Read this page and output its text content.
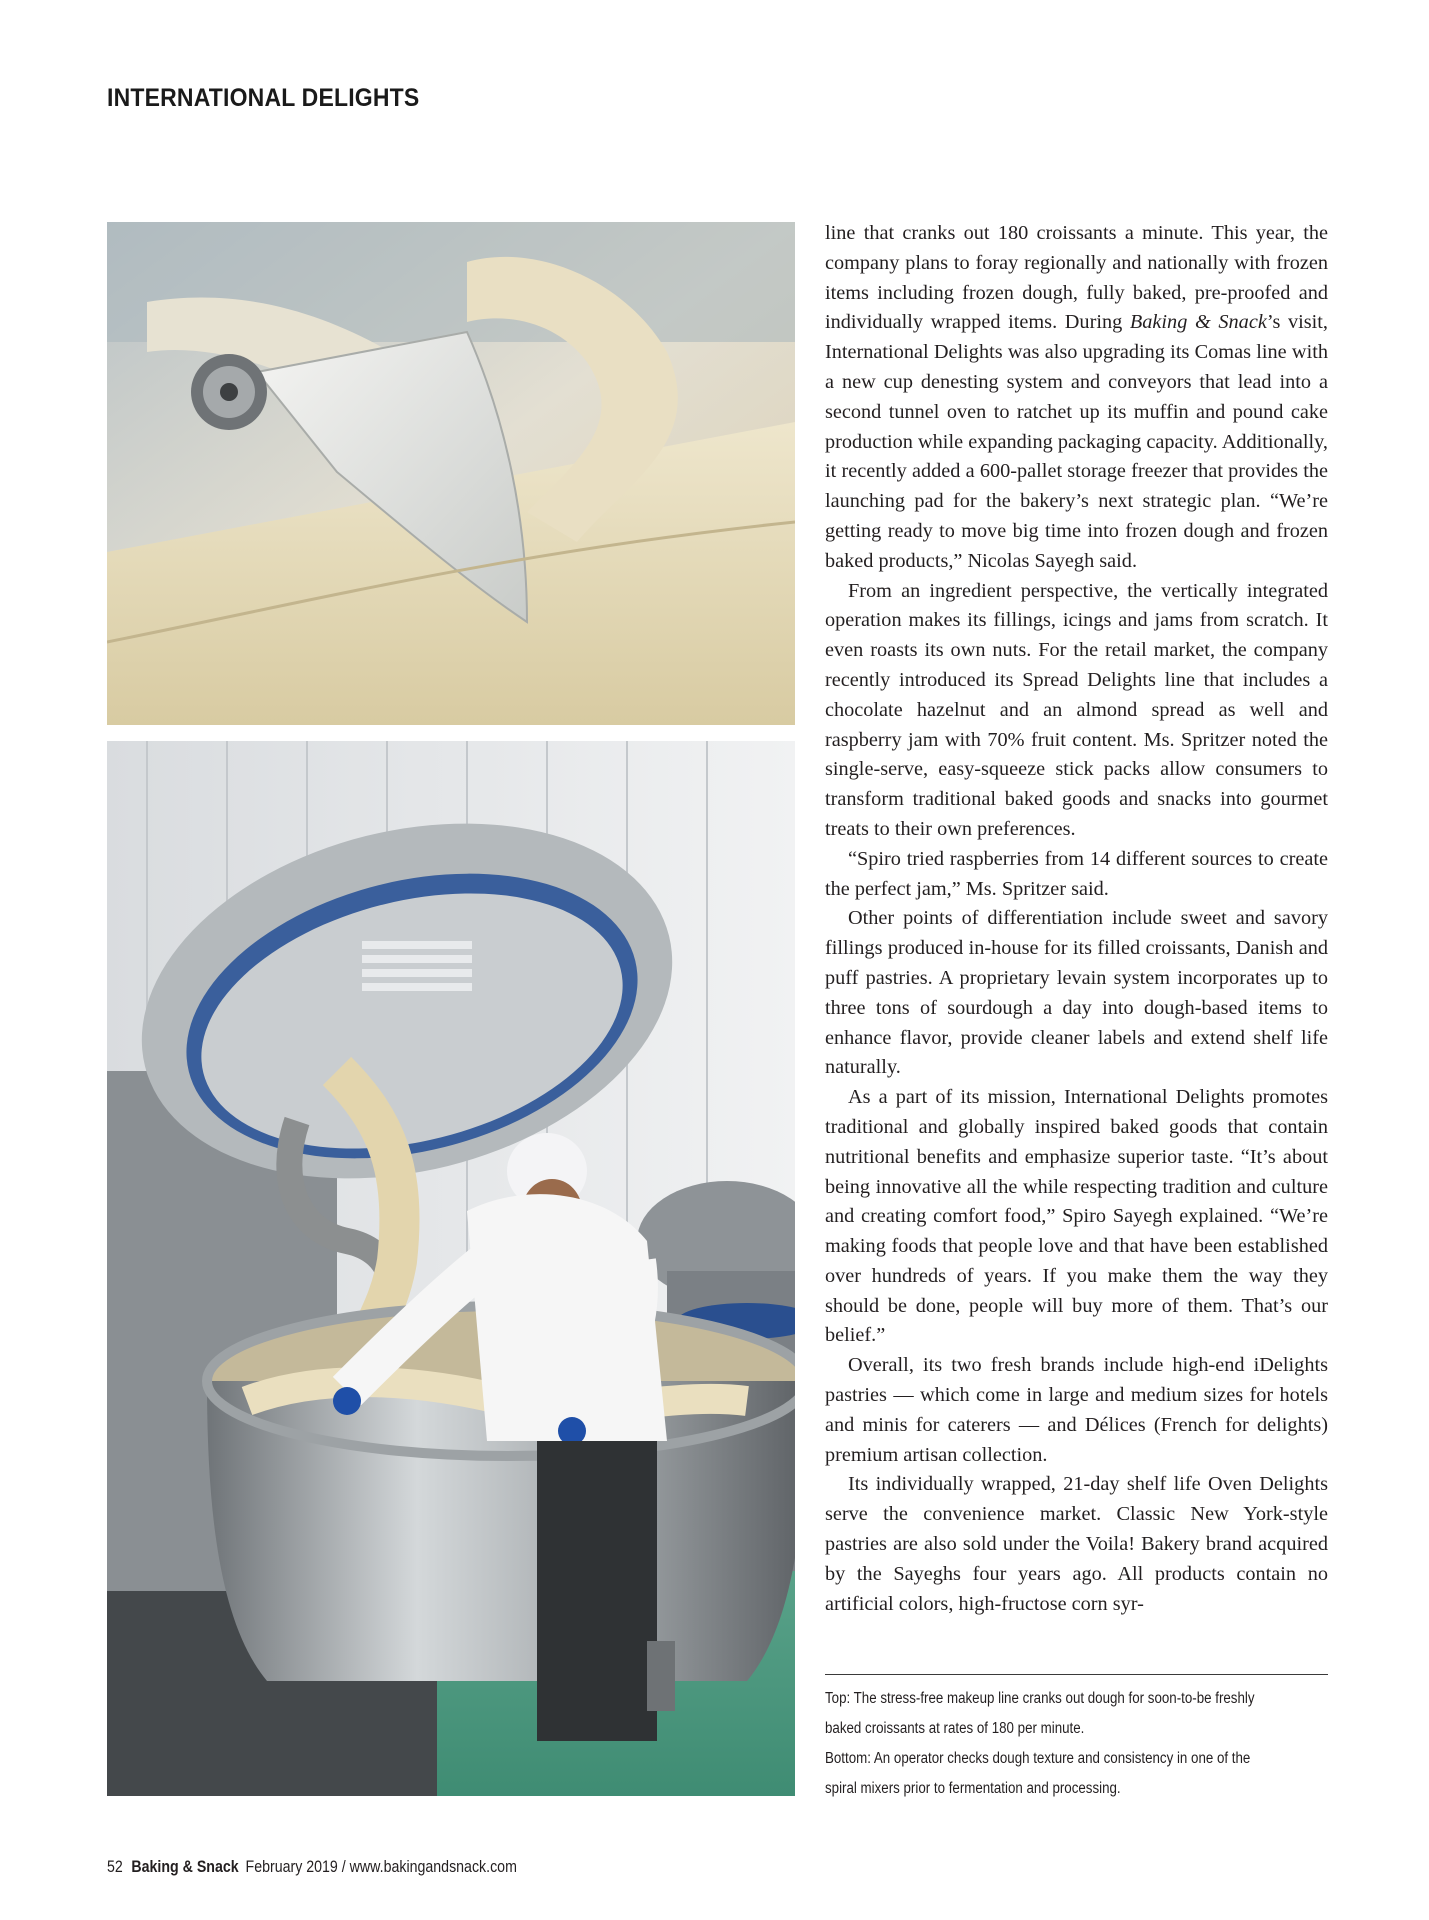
INTERNATIONAL DELIGHTS

line that cranks out 180 croissants a minute. This year, the company plans to foray regionally and nationally with frozen items including frozen dough, fully baked, pre-proofed and individually wrapped items. During Baking & Snack’s visit, International Delights was also upgrading its Comas line with a new cup denesting system and conveyors that lead into a second tunnel oven to ratchet up its muffin and pound cake production while expanding packaging capacity. Additionally, it recently added a 600-pallet storage freezer that provides the launching pad for the bakery’s next strategic plan. “We’re getting ready to move big time into frozen dough and frozen baked products,” Nicolas Sayegh said.

From an ingredient perspective, the vertically integrated operation makes its fillings, icings and jams from scratch. It even roasts its own nuts. For the retail market, the company recently introduced its Spread Delights line that includes a chocolate hazelnut and an almond spread as well and raspberry jam with 70% fruit content. Ms. Spritzer noted the single-serve, easy-squeeze stick packs allow consumers to transform traditional baked goods and snacks into gourmet treats to their own preferences.

“Spiro tried raspberries from 14 different sources to create the perfect jam,” Ms. Spritzer said.

Other points of differentiation include sweet and savory fillings produced in-house for its filled croissants, Danish and puff pastries. A proprietary levain system incorporates up to three tons of sourdough a day into dough-based items to enhance flavor, provide cleaner labels and extend shelf life naturally.

As a part of its mission, International Delights promotes traditional and globally inspired baked goods that contain nutritional benefits and emphasize superior taste. “It’s about being innovative all the while respecting tradition and culture and creating comfort food,” Spiro Sayegh explained. “We’re making foods that people love and that have been established over hundreds of years. If you make them the way they should be done, people will buy more of them. That’s our belief.”

Overall, its two fresh brands include high-end iDelights pastries — which come in large and medium sizes for hotels and minis for caterers — and Délices (French for delights) premium artisan collection.

Its individually wrapped, 21-day shelf life Oven Delights serve the convenience market. Classic New York-style pastries are also sold under the Voila! Bakery brand acquired by the Sayeghs four years ago. All products contain no artificial colors, high-fructose corn syr-

Top: The stress-free makeup line cranks out dough for soon-to-be freshly baked croissants at rates of 180 per minute.

Bottom: An operator checks dough texture and consistency in one of the spiral mixers prior to fermentation and processing.

52 Baking & Snack February 2019 / www.bakingandsnack.com
